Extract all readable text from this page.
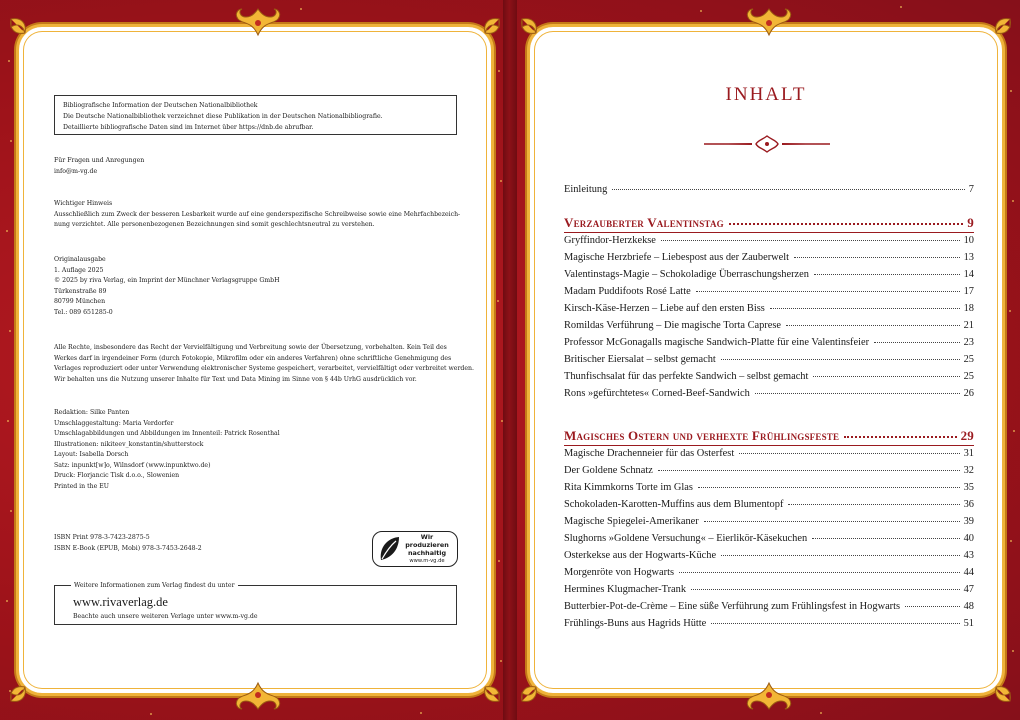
Bibliografische Information der Deutschen Nationalbibliothek

Die Deutsche Nationalbibliothek verzeichnet diese Publikation in der Deutschen Nationalbibliografie.

Detaillierte bibliografische Daten sind im Internet über https://dnb.de abrufbar.

Für Fragen und Anregungen

info@m-vg.de

Wichtiger Hinweis

Ausschließlich zum Zweck der besseren Lesbarkeit wurde auf eine genderspezifische Schreibweise sowie eine Mehrfachbezeich-

nung verzichtet. Alle personenbezogenen Bezeichnungen sind somit geschlechtsneutral zu verstehen.

Originalausgabe

1. Auflage 2025

© 2025 by riva Verlag, ein Imprint der Münchner Verlagsgruppe GmbH

Türkenstraße 89

80799 München

Tel.: 089 651285-0

Alle Rechte, insbesondere das Recht der Vervielfältigung und Verbreitung sowie der Übersetzung, vorbehalten. Kein Teil des

Werkes darf in irgendeiner Form (durch Fotokopie, Mikrofilm oder ein anderes Verfahren) ohne schriftliche Genehmigung des

Verlages reproduziert oder unter Verwendung elektronischer Systeme gespeichert, verarbeitet, vervielfältigt oder verbreitet werden.

Wir behalten uns die Nutzung unserer Inhalte für Text und Data Mining im Sinne von § 44b UrhG ausdrücklich vor.

Redaktion: Silke Panten

Umschlaggestaltung: Maria Verdorfer

Umschlagabbildungen und Abbildungen im Innenteil: Patrick Rosenthal

Illustrationen: nikiteev_konstantin/shutterstock

Layout: Isabella Dorsch

Satz: inpunkt[w]o, Wilnsdorf (www.inpunktwo.de)

Druck: Florjancic Tisk d.o.o., Slowenien

Printed in the EU

ISBN Print 978-3-7423-2875-5

ISBN E-Book (EPUB, Mobi) 978-3-7453-2648-2

Wir produzieren
nachhaltig
www.m-vg.de
Weitere Informationen zum Verlag findest du unter
www.rivaverlag.de
Beachte auch unsere weiteren Verlage unter www.m-vg.de
INHALT
Einleitung	7
Verzauberter Valentinstag	9
Gryffindor-Herzkekse	10
Magische Herzbriefe – Liebespost aus der Zauberwelt	13
Valentinstags-Magie – Schokoladige Überraschungsherzen	14
Madam Puddifoots Rosé Latte	17
Kirsch-Käse-Herzen – Liebe auf den ersten Biss	18
Romildas Verführung – Die magische Torta Caprese	21
Professor McGonagalls magische Sandwich-Platte für eine Valentinsfeier	23
Britischer Eiersalat – selbst gemacht	25
Thunfischsalat für das perfekte Sandwich – selbst gemacht	25
Rons »gefürchtetes« Corned-Beef-Sandwich	26
Magisches Ostern und verhexte Frühlingsfeste	29
Magische Drachenneier für das Osterfest	31
Der Goldene Schnatz	32
Rita Kimmkorns Torte im Glas	35
Schokoladen-Karotten-Muffins aus dem Blumentopf	36
Magische Spiegelei-Amerikaner	39
Slughorns »Goldene Versuchung« – Eierlikör-Käsekuchen	40
Osterkekse aus der Hogwarts-Küche	43
Morgenröte von Hogwarts	44
Hermines Klugmacher-Trank	47
Butterbier-Pot-de-Crème – Eine süße Verführung zum Frühlingsfest in Hogwarts	48
Frühlings-Buns aus Hagrids Hütte	51
